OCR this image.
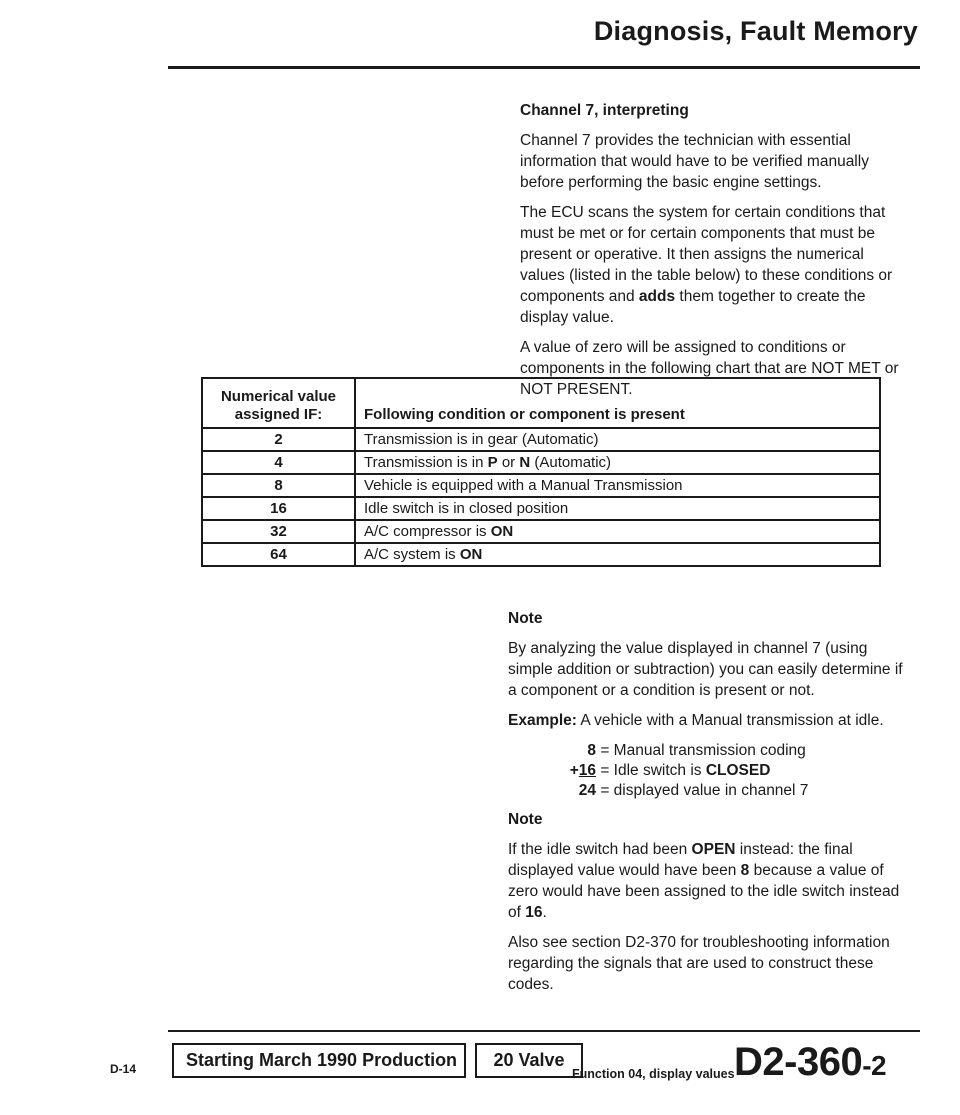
Diagnosis, Fault Memory

Channel 7, interpreting

Channel 7 provides the technician with essential information that would have to be verified manually before performing the basic engine settings.

The ECU scans the system for certain conditions that must be met or for certain components that must be present or operative. It then assigns the numerical values (listed in the table below) to these conditions or components and adds them together to create the display value.

A value of zero will be assigned to conditions or components in the following chart that are NOT MET or NOT PRESENT.

Numerical value
assigned IF:	Following condition or component is present
2	Transmission is in gear (Automatic)
4	Transmission is in P or N (Automatic)
8	Vehicle is equipped with a Manual Transmission
16	Idle switch is in closed position
32	A/C compressor is ON
64	A/C system is ON

Note

By analyzing the value displayed in channel 7 (using simple addition or subtraction) you can easily determine if a component or a condition is present or not.

Example: A vehicle with a Manual transmission at idle.

8 = Manual transmission coding
+16 = Idle switch is CLOSED
24 = displayed value in channel 7

Note

If the idle switch had been OPEN instead: the final displayed value would have been 8 because a value of zero would have been assigned to the idle switch instead of 16.

Also see section D2-370 for troubleshooting information regarding the signals that are used to construct these codes.

D-14	Starting March 1990 Production	20 Valve
Function 04, display values D2-360-2
